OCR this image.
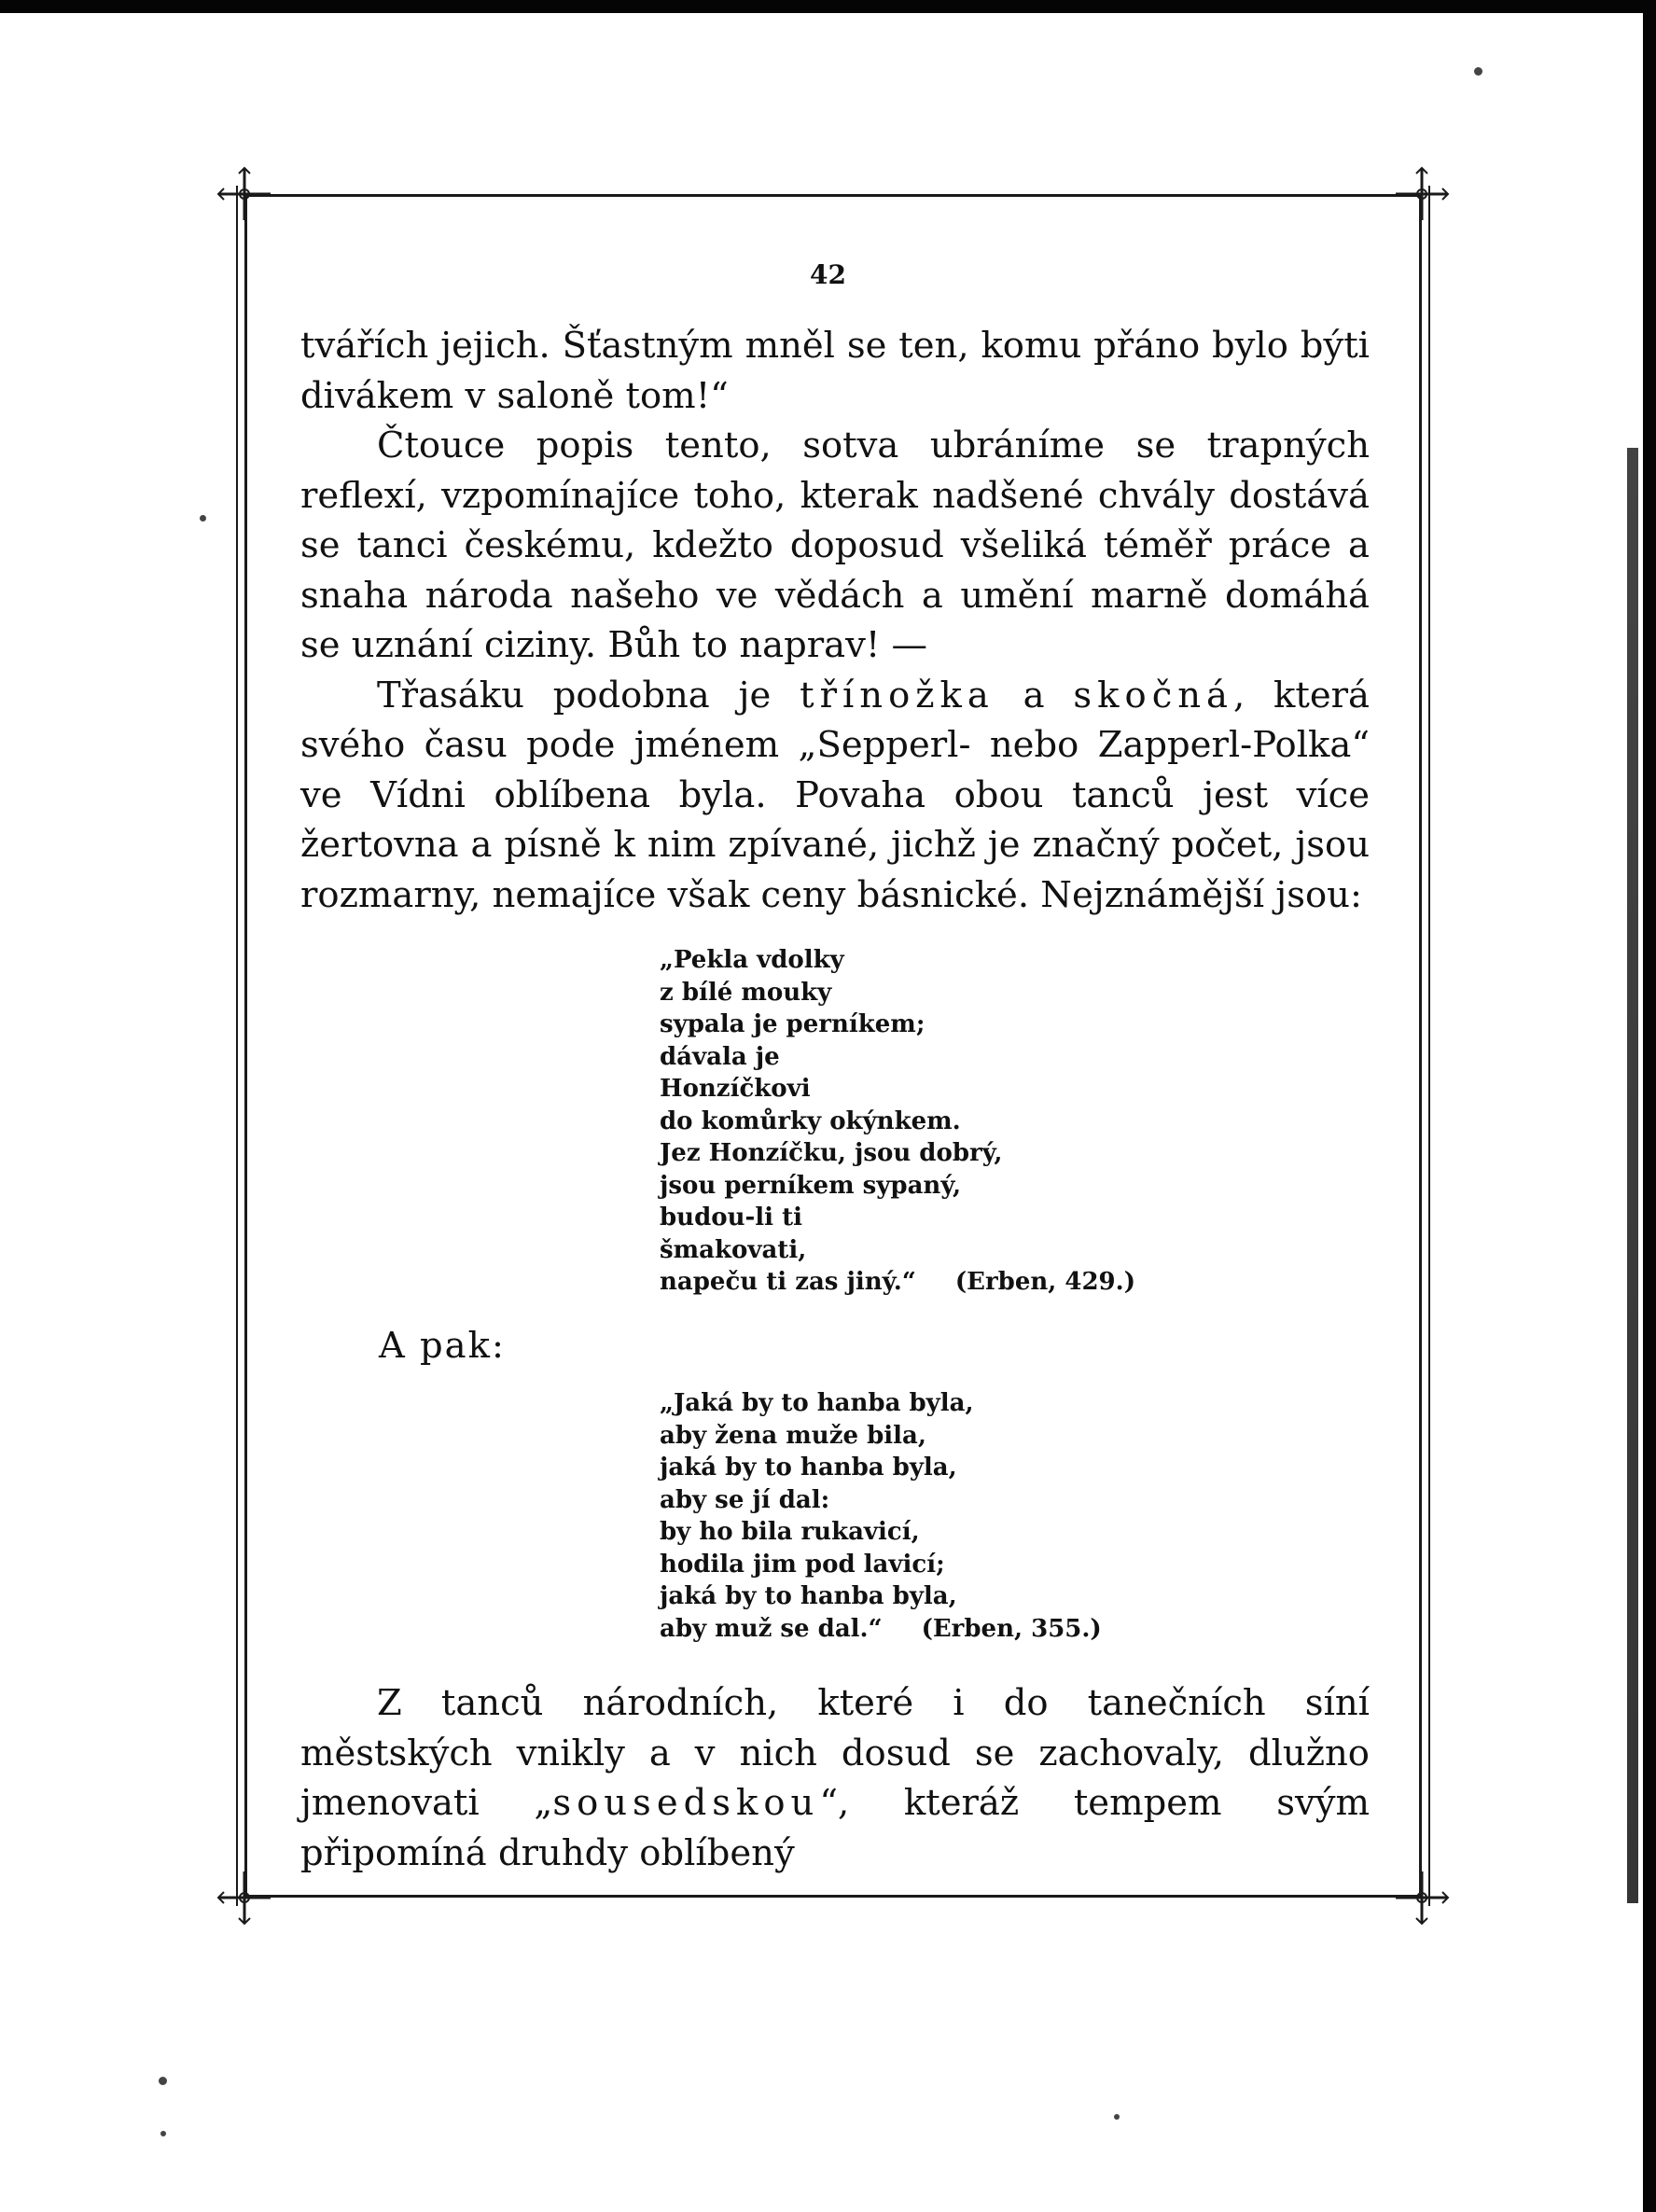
42

tvářích jejich. Šťastným mněl se ten, komu přáno bylo býti divákem v saloně tom!“

Čtouce popis tento, sotva ubráníme se trapných reflexí, vzpomínajíce toho, kterak nadšené chvály dostává se tanci českému, kdežto doposud všeliká téměř práce a snaha národa našeho ve vědách a umění marně domáhá se uznání ciziny. Bůh to naprav! —

Třasáku podobna je třínožka a skočná, která svého času pode jménem „Sepperl- nebo Zapperl-Polka“ ve Vídni oblíbena byla. Povaha obou tanců jest více žertovna a písně k nim zpívané, jichž je značný počet, jsou rozmarny, nemajíce však ceny básnické. Nejznámější jsou:

„Pekla vdolky
z bílé mouky
sypala je perníkem;
dávala je
Honzíčkovi
do komůrky okýnkem.
Jez Honzíčku, jsou dobrý,
jsou perníkem sypaný,
budou-li ti
šmakovati,
napeču ti zas jiný.“ (Erben, 429.)
A pak:
„Jaká by to hanba byla,
aby žena muže bila,
jaká by to hanba byla,
aby se jí dal:
by ho bila rukavicí,
hodila jim pod lavicí;
jaká by to hanba byla,
aby muž se dal.“ (Erben, 355.)

Z tanců národních, které i do tanečních síní městských vnikly a v nich dosud se zachovaly, dlužno jmenovati „sousedskou“, kteráž tempem svým připomíná druhdy oblíbený
